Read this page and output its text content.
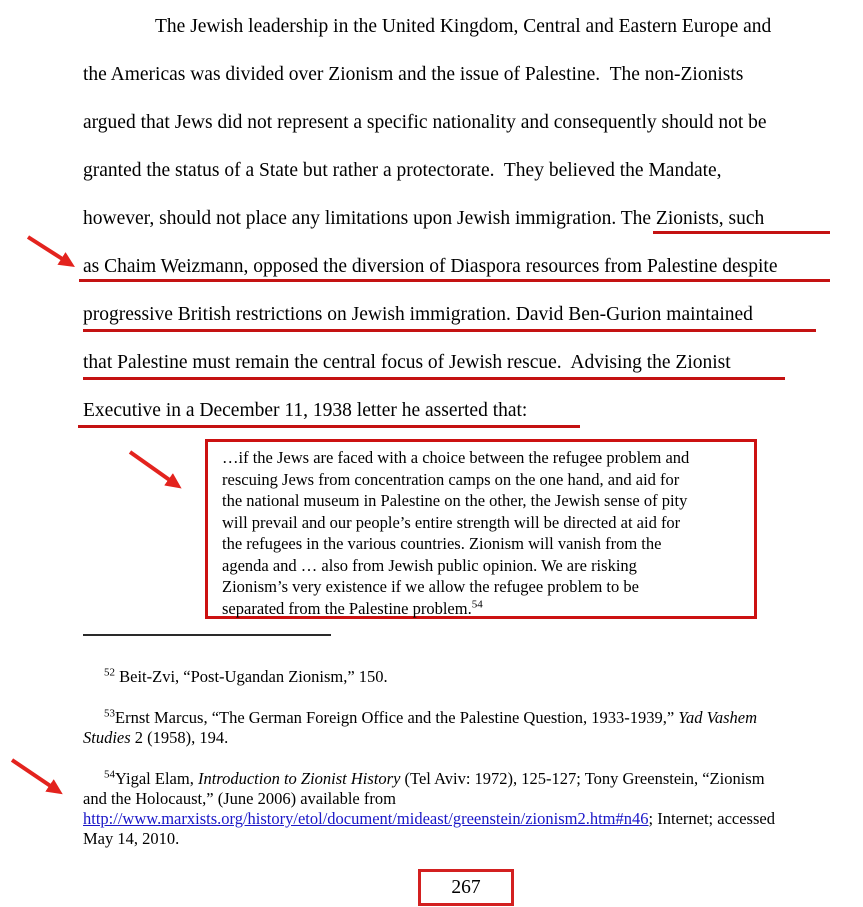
The Jewish leadership in the United Kingdom, Central and Eastern Europe and
the Americas was divided over Zionism and the issue of Palestine.  The non-Zionists
argued that Jews did not represent a specific nationality and consequently should not be
granted the status of a State but rather a protectorate.  They believed the Mandate,
however, should not place any limitations upon Jewish immigration. The Zionists, such
as Chaim Weizmann, opposed the diversion of Diaspora resources from Palestine despite
progressive British restrictions on Jewish immigration. David Ben-Gurion maintained
that Palestine must remain the central focus of Jewish rescue.  Advising the Zionist
Executive in a December 11, 1938 letter he asserted that:
…if the Jews are faced with a choice between the refugee problem and
rescuing Jews from concentration camps on the one hand, and aid for
the national museum in Palestine on the other, the Jewish sense of pity
will prevail and our people’s entire strength will be directed at aid for
the refugees in the various countries. Zionism will vanish from the
agenda and … also from Jewish public opinion. We are risking
Zionism’s very existence if we allow the refugee problem to be
separated from the Palestine problem.$^{54}$
$^{52}$ Beit-Zvi, “Post-Ugandan Zionism,” 150.
$^{53}$Ernst Marcus, “The German Foreign Office and the Palestine Question, 1933-1939,” Yad Vashem
Studies 2 (1958), 194.
$^{54}$Yigal Elam, Introduction to Zionist History (Tel Aviv: 1972), 125-127; Tony Greenstein, “Zionism
and the Holocaust,” (June 2006) available from
http://www.marxists.org/history/etol/document/mideast/greenstein/zionism2.htm#n46; Internet; accessed
May 14, 2010.
267
